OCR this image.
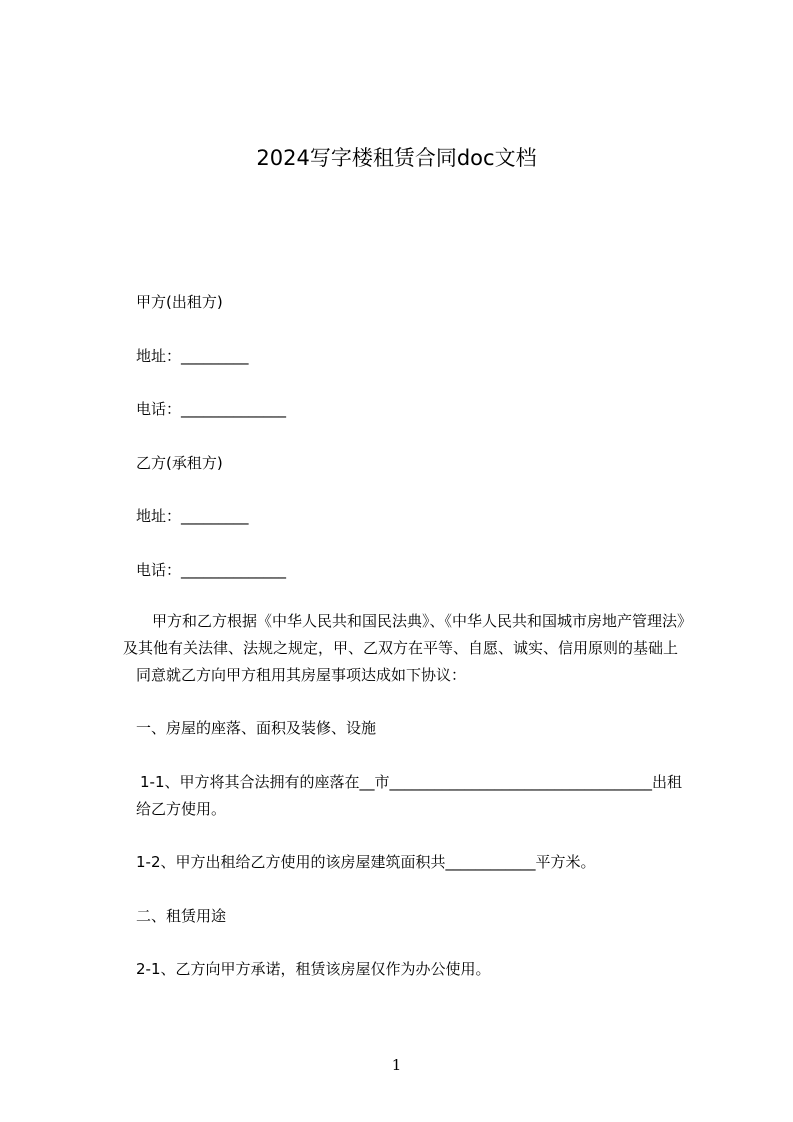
2024写字楼租赁合同doc文档

甲方(出租方)

地址：_________

电话：______________

乙方(承租方)

地址：_________

电话：______________

甲方和乙方根据《中华人民共和国民法典》、《中华人民共和国城市房地产管理法》

及其他有关法律、法规之规定，甲、乙双方在平等、自愿、诚实、信用原则的基础上

同意就乙方向甲方租用其房屋事项达成如下协议：

一、房屋的座落、面积及装修、设施

1-1、甲方将其合法拥有的座落在__市___________________________________出租

给乙方使用。

1-2、甲方出租给乙方使用的该房屋建筑面积共____________平方米。

二、租赁用途

2-1、乙方向甲方承诺，租赁该房屋仅作为办公使用。

1
